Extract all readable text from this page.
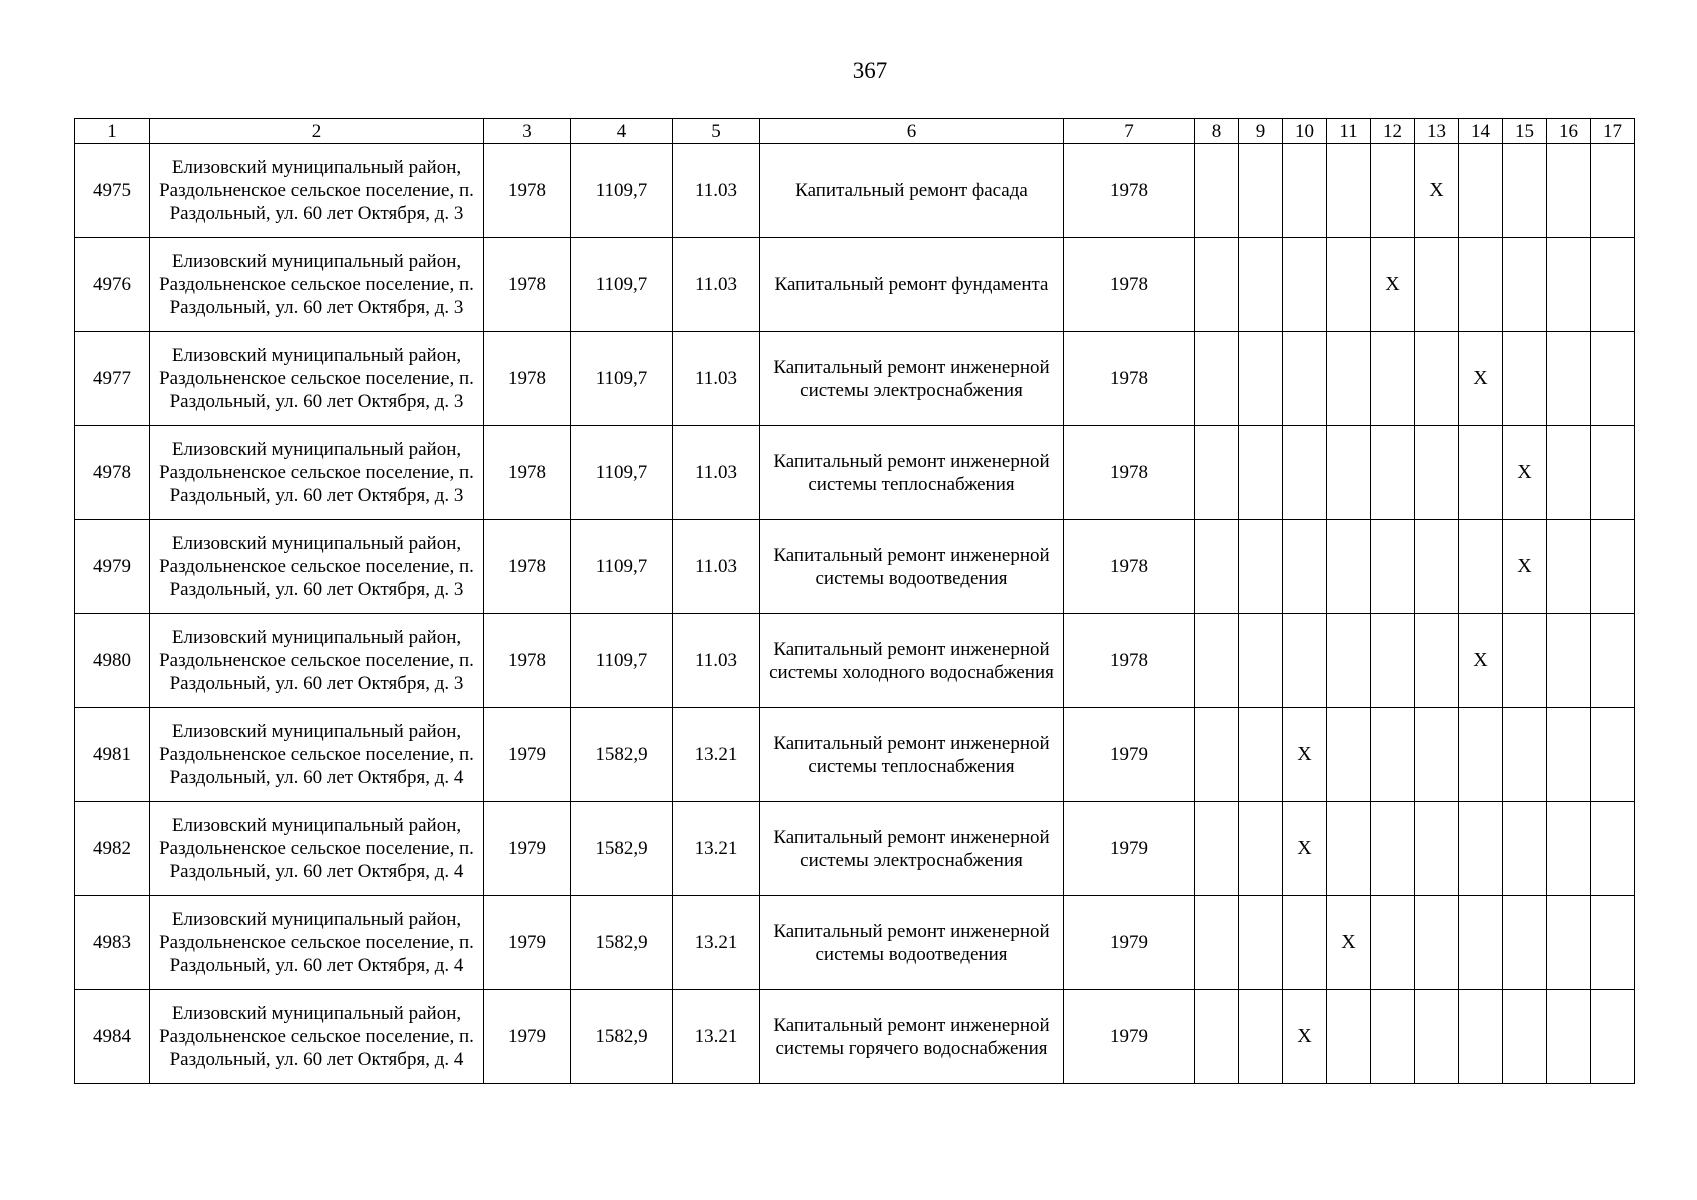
367
1	2	3	4	5	6	7	8	9	10	11	12	13	14	15	16	17
4975	Елизовский муниципальный район, Раздольненское сельское поселение, п. Раздольный, ул. 60 лет Октября, д. 3	1978	1109,7	11.03	Капитальный ремонт фасада	1978						X				
4976	Елизовский муниципальный район, Раздольненское сельское поселение, п. Раздольный, ул. 60 лет Октября, д. 3	1978	1109,7	11.03	Капитальный ремонт фундамента	1978					X					
4977	Елизовский муниципальный район, Раздольненское сельское поселение, п. Раздольный, ул. 60 лет Октября, д. 3	1978	1109,7	11.03	Капитальный ремонт инженерной системы электроснабжения	1978							X			
4978	Елизовский муниципальный район, Раздольненское сельское поселение, п. Раздольный, ул. 60 лет Октября, д. 3	1978	1109,7	11.03	Капитальный ремонт инженерной системы теплоснабжения	1978								X		
4979	Елизовский муниципальный район, Раздольненское сельское поселение, п. Раздольный, ул. 60 лет Октября, д. 3	1978	1109,7	11.03	Капитальный ремонт инженерной системы водоотведения	1978								X		
4980	Елизовский муниципальный район, Раздольненское сельское поселение, п. Раздольный, ул. 60 лет Октября, д. 3	1978	1109,7	11.03	Капитальный ремонт инженерной системы холодного водоснабжения	1978							X			
4981	Елизовский муниципальный район, Раздольненское сельское поселение, п. Раздольный, ул. 60 лет Октября, д. 4	1979	1582,9	13.21	Капитальный ремонт инженерной системы теплоснабжения	1979			X							
4982	Елизовский муниципальный район, Раздольненское сельское поселение, п. Раздольный, ул. 60 лет Октября, д. 4	1979	1582,9	13.21	Капитальный ремонт инженерной системы электроснабжения	1979			X							
4983	Елизовский муниципальный район, Раздольненское сельское поселение, п. Раздольный, ул. 60 лет Октября, д. 4	1979	1582,9	13.21	Капитальный ремонт инженерной системы водоотведения	1979				X						
4984	Елизовский муниципальный район, Раздольненское сельское поселение, п. Раздольный, ул. 60 лет Октября, д. 4	1979	1582,9	13.21	Капитальный ремонт инженерной системы горячего водоснабжения	1979			X							
